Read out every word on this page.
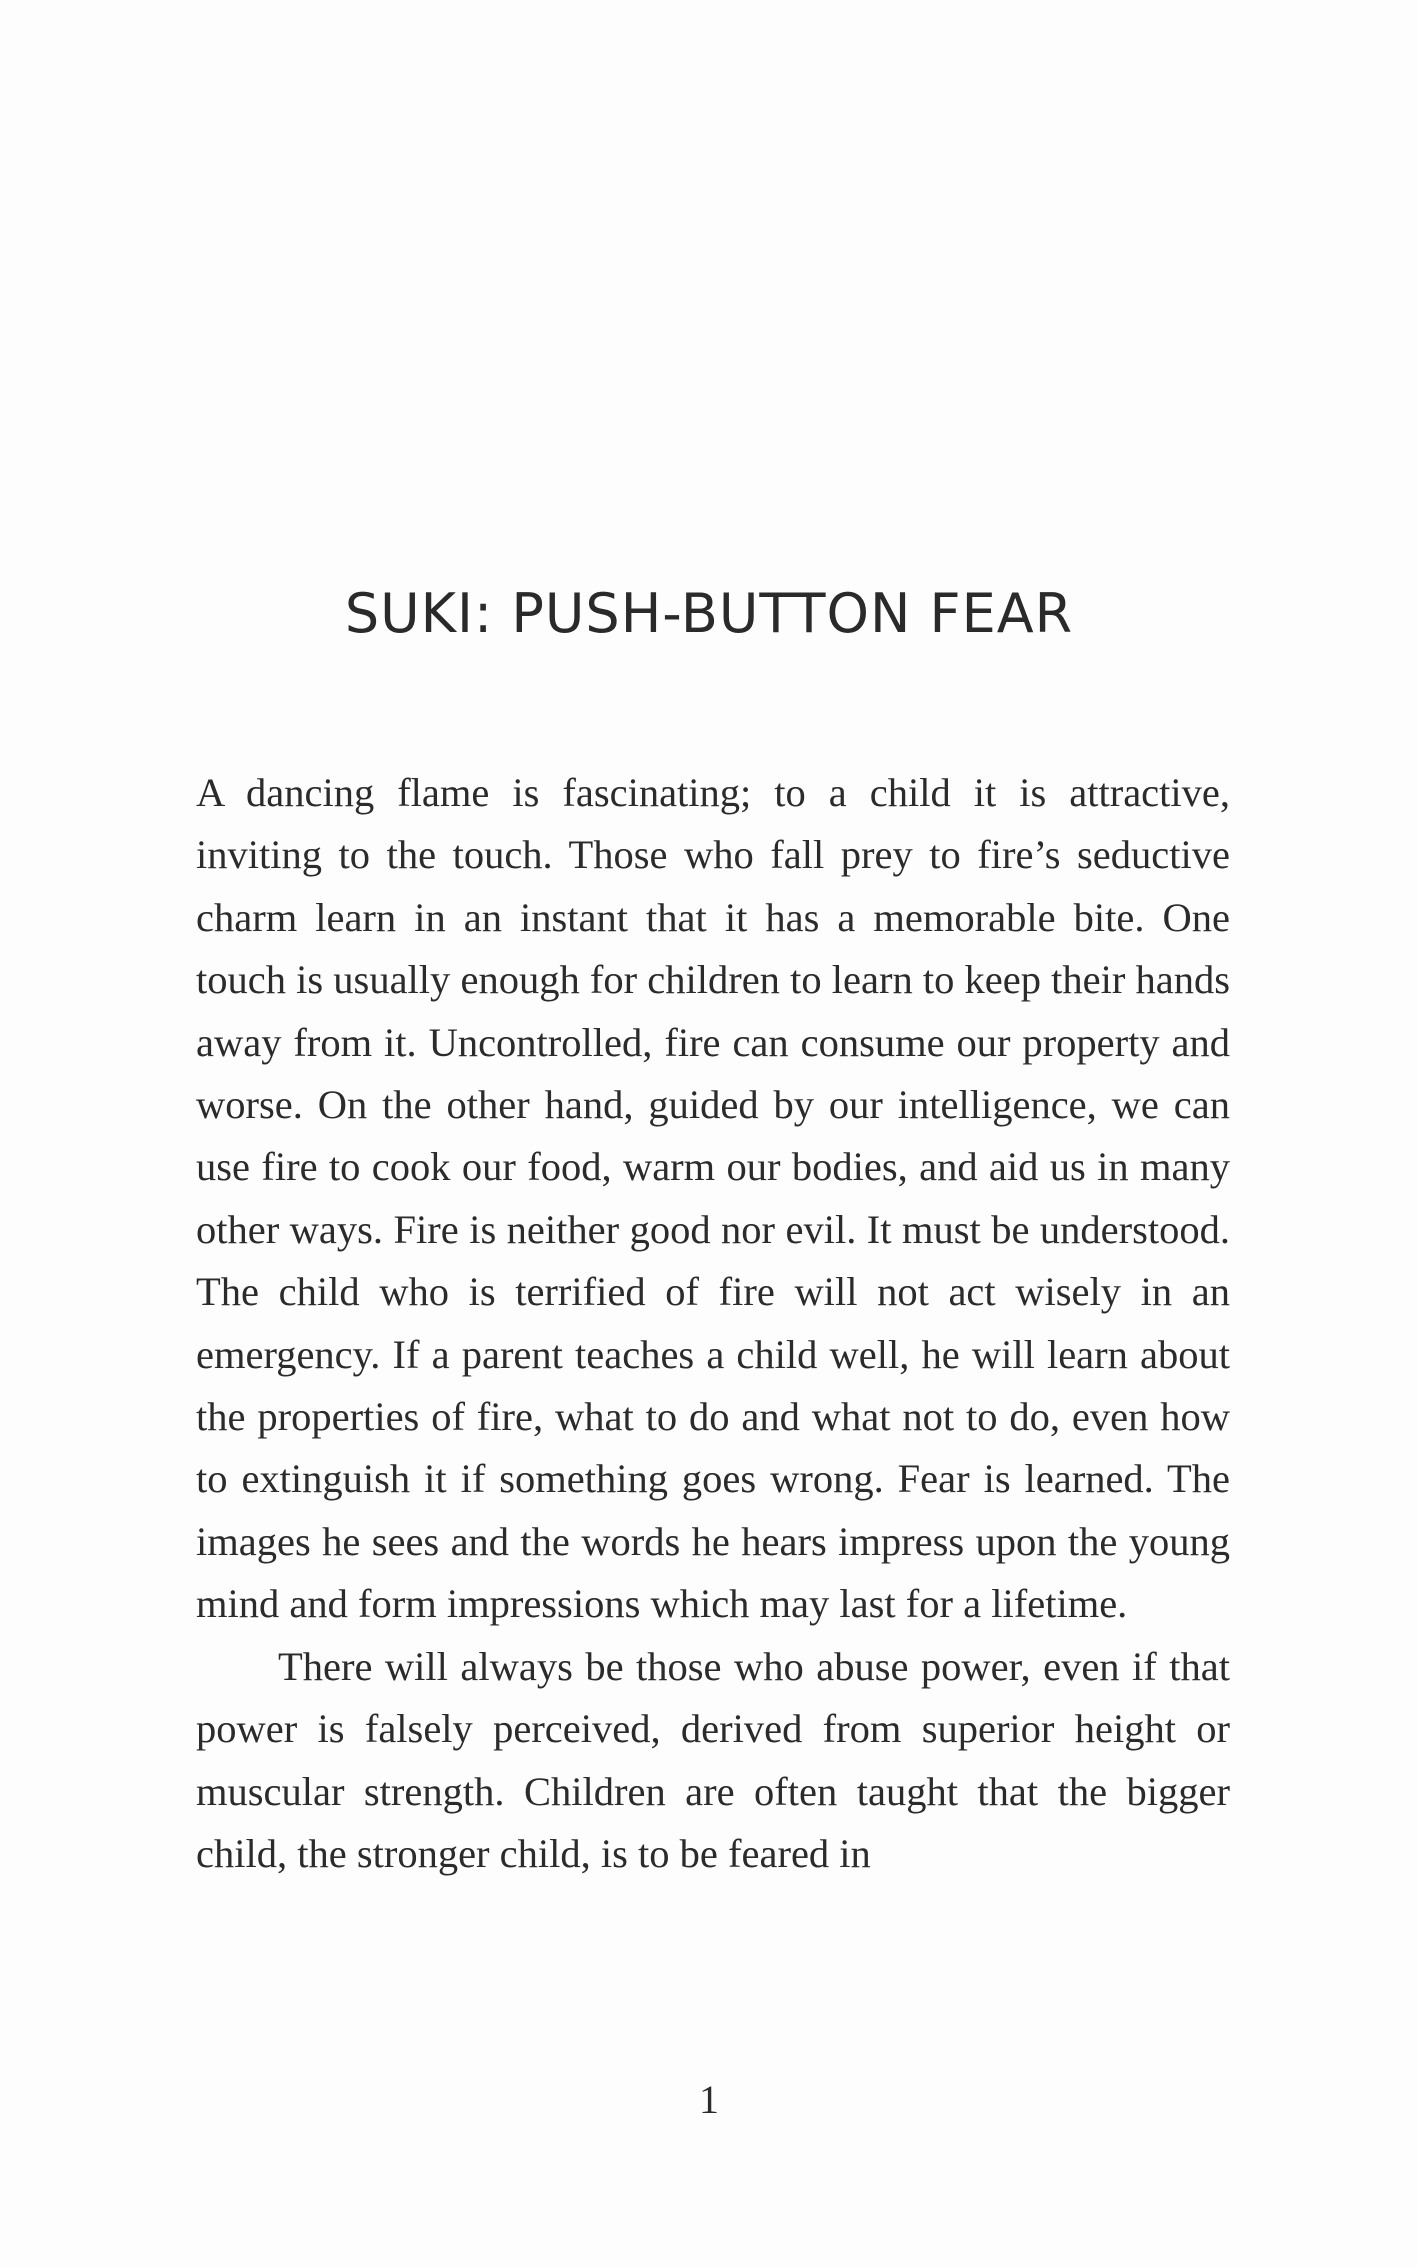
SUKI: PUSH-BUTTON FEAR

A dancing flame is fascinating; to a child it is attractive, inviting to the touch. Those who fall prey to fire’s seductive charm learn in an instant that it has a memorable bite. One touch is usually enough for children to learn to keep their hands away from it. Uncontrolled, fire can consume our property and worse. On the other hand, guided by our intelligence, we can use fire to cook our food, warm our bodies, and aid us in many other ways. Fire is neither good nor evil. It must be understood. The child who is terrified of fire will not act wisely in an emergency. If a parent teaches a child well, he will learn about the properties of fire, what to do and what not to do, even how to extinguish it if something goes wrong. Fear is learned. The images he sees and the words he hears impress upon the young mind and form impressions which may last for a lifetime.

There will always be those who abuse power, even if that power is falsely perceived, derived from superior height or muscular strength. Children are often taught that the bigger child, the stronger child, is to be feared in

1
